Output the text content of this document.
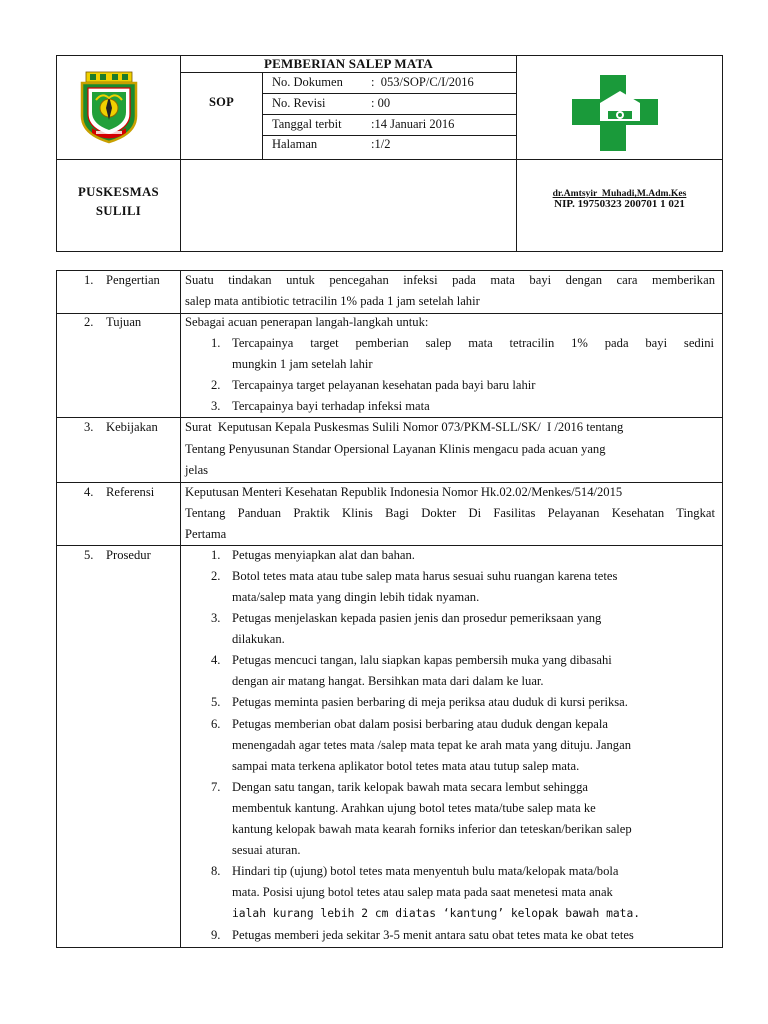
PEMBERIAN SALEP MATA
SOP
No. Dokumen :  053/SOP/C/I/2016
No. Revisi	: 00
Tanggal terbit :14 Januari 2016
Halaman	:1/2
PUSKESMAS
SULILI
dr.Amtsyir  Muhadi,M.Adm.Kes
NIP. 19750323 200701 1 021
1. Pengertian Suatu tindakan untuk pencegahan infeksi pada mata bayi dengan cara memberikan
salep mata antibiotic tetracilin 1% pada 1 jam setelah lahir
2. Tujuan	Sebagai acuan penerapan langah-langkah untuk:
1. Tercapainya target pemberian salep mata tetracilin 1% pada bayi sedini
mungkin 1 jam setelah lahir
2. Tercapainya target pelayanan kesehatan pada bayi baru lahir
3. Tercapainya bayi terhadap infeksi mata
3. Kebijakan Surat  Keputusan Kepala Puskesmas Sulili Nomor 073/PKM-SLL/SK/  I /2016 tentang
Tentang Penyusunan Standar Opersional Layanan Klinis mengacu pada acuan yang
jelas
4. Referensi Keputusan Menteri Kesehatan Republik Indonesia Nomor Hk.02.02/Menkes/514/2015
Tentang Panduan Praktik Klinis Bagi Dokter Di Fasilitas Pelayanan Kesehatan Tingkat
Pertama
5. Prosedur	1. Petugas menyiapkan alat dan bahan.
2. Botol tetes mata atau tube salep mata harus sesuai suhu ruangan karena tetes
mata/salep mata yang dingin lebih tidak nyaman.
3. Petugas menjelaskan kepada pasien jenis dan prosedur pemeriksaan yang
dilakukan.
4. Petugas mencuci tangan, lalu siapkan kapas pembersih muka yang dibasahi
dengan air matang hangat. Bersihkan mata dari dalam ke luar.
5. Petugas meminta pasien berbaring di meja periksa atau duduk di kursi periksa.
6. Petugas memberian obat dalam posisi berbaring atau duduk dengan kepala
menengadah agar tetes mata /salep mata tepat ke arah mata yang dituju. Jangan
sampai mata terkena aplikator botol tetes mata atau tutup salep mata.
7. Dengan satu tangan, tarik kelopak bawah mata secara lembut sehingga
membentuk kantung. Arahkan ujung botol tetes mata/tube salep mata ke
kantung kelopak bawah mata kearah forniks inferior dan teteskan/berikan salep
sesuai aturan.
8. Hindari tip (ujung) botol tetes mata menyentuh bulu mata/kelopak mata/bola
mata. Posisi ujung botol tetes atau salep mata pada saat menetesi mata anak
ialah kurang lebih 2 cm diatas ‘kantung’ kelopak bawah mata.
9. Petugas memberi jeda sekitar 3-5 menit antara satu obat tetes mata ke obat tetes
